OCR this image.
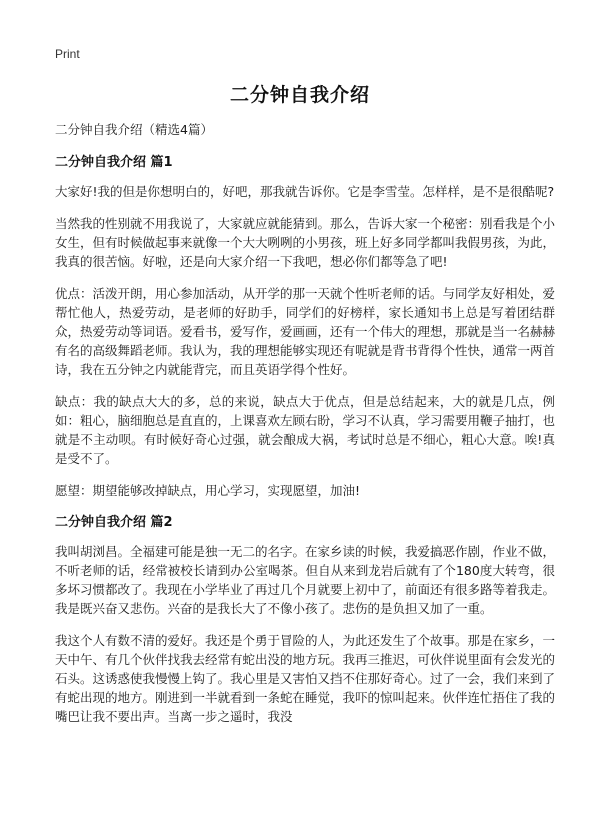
Print
二分钟自我介绍

二分钟自我介绍（精选4篇）

二分钟自我介绍 篇1

大家好!我的但是你想明白的，好吧，那我就告诉你。它是李雪莹。怎样样，是不是很酷呢?

当然我的性别就不用我说了，大家就应就能猜到。那么，告诉大家一个秘密：别看我是个小女生，但有时候做起事来就像一个大大咧咧的小男孩，班上好多同学都叫我假男孩，为此，我真的很苦恼。好啦，还是向大家介绍一下我吧，想必你们都等急了吧!

优点：活泼开朗，用心参加活动，从开学的那一天就个性听老师的话。与同学友好相处，爱帮忙他人，热爱劳动，是老师的好助手，同学们的好榜样，家长通知书上总是写着团结群众，热爱劳动等词语。爱看书，爱写作，爱画画，还有一个伟大的理想，那就是当一名赫赫有名的高级舞蹈老师。我认为，我的理想能够实现还有呢就是背书背得个性快，通常一两首诗，我在五分钟之内就能背完，而且英语学得个性好。

缺点：我的缺点大大的多，总的来说，缺点大于优点，但是总结起来，大的就是几点，例如：粗心，脑细胞总是直直的，上课喜欢左顾右盼，学习不认真，学习需要用鞭子抽打，也就是不主动呗。有时候好奇心过强，就会酿成大祸，考试时总是不细心，粗心大意。唉!真是受不了。

愿望：期望能够改掉缺点，用心学习，实现愿望，加油!

二分钟自我介绍 篇2

我叫胡浏昌。全福建可能是独一无二的名字。在家乡读的时候，我爱搞恶作剧，作业不做，不听老师的话，经常被校长请到办公室喝茶。但自从来到龙岩后就有了个180度大转弯，很多坏习惯都改了。我现在小学毕业了再过几个月就要上初中了，前面还有很多路等着我走。我是既兴奋又悲伤。兴奋的是我长大了不像小孩了。悲伤的是负担又加了一重。

我这个人有数不清的爱好。我还是个勇于冒险的人，为此还发生了个故事。那是在家乡，一天中午、有几个伙伴找我去经常有蛇出没的地方玩。我再三推迟，可伙伴说里面有会发光的石头。这诱惑使我慢慢上钩了。我心里是又害怕又挡不住那好奇心。过了一会，我们来到了有蛇出现的地方。刚进到一半就看到一条蛇在睡觉，我吓的惊叫起来。伙伴连忙捂住了我的嘴巴让我不要出声。当离一步之遥时，我没
